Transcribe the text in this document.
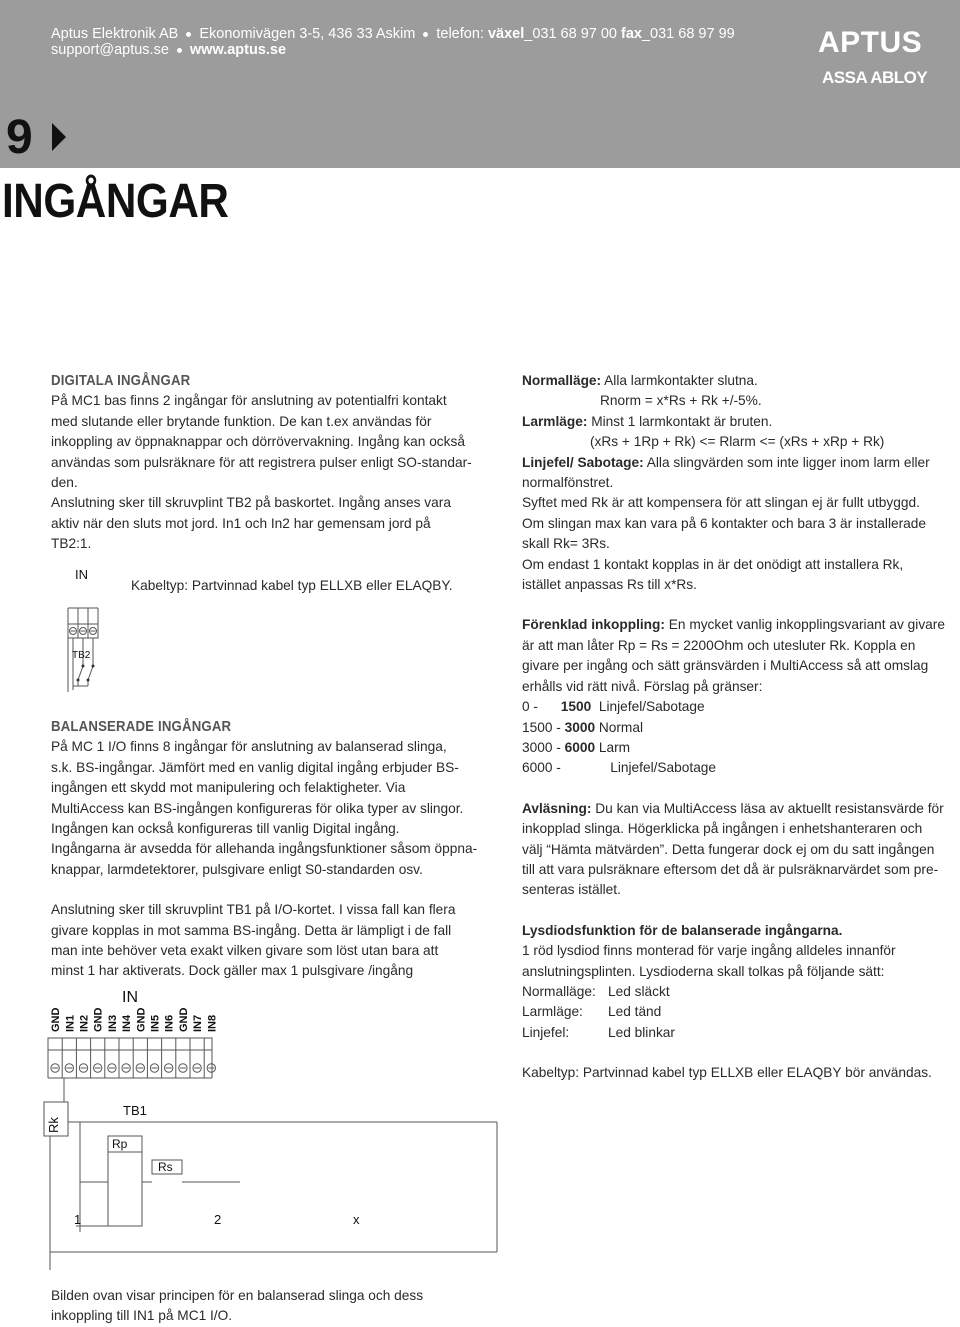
Aptus Elektronik AB Ekonomivägen 3-5, 436 33 Askim telefon: växel_031 68 97 00 fax_031 68 97 99
support@aptus.se www.aptus.se	APTUS
ASSA ABLOY
9
INGÅNGAR
DIGITALA INGÅNGAR

På MC1 bas finns 2 ingångar för anslutning av potentialfri kontakt

med slutande eller brytande funktion. De kan t.ex användas för

inkoppling av öppnaknappar och dörrövervakning. Ingång kan också

användas som pulsräknare för att registrera pulser enligt SO-standar-

den.

Anslutning sker till skruvplint TB2 på baskortet. Ingång anses vara

aktiv när den sluts mot jord. In1 och In2 har gemensam jord på

TB2:1.

IN
TB2
Kabeltyp: Partvinnad kabel typ ELLXB eller ELAQBY.
BALANSERADE INGÅNGAR

På MC 1 I/O finns 8 ingångar för anslutning av balanserad slinga,

s.k. BS-ingångar. Jämfört med en vanlig digital ingång erbjuder BS-

ingången ett skydd mot manipulering och felaktigheter. Via

MultiAccess kan BS-ingången konfigureras för olika typer av slingor.

Ingången kan också konfigureras till vanlig Digital ingång.

Ingångarna är avsedda för allehanda ingångsfunktioner såsom öppna-

knappar, larmdetektorer, pulsgivare enligt S0-standarden osv.

Anslutning sker till skruvplint TB1 på I/O-kortet. I vissa fall kan flera

givare kopplas in mot samma BS-ingång. Detta är lämpligt i de fall

man inte behöver veta exakt vilken givare som löst utan bara att

minst 1 har aktiverats. Dock gäller max 1 pulsgivare /ingång

IN
GND IN1 IN2 GND IN3 IN4 GND IN5 IN6 GND IN7 IN8
Rk
TB1
Rp
Rs
1	2	x

Bilden ovan visar principen för en balanserad slinga och dess

inkoppling till IN1 på MC1 I/O.

Normalläge: Alla larmkontakter slutna.

Rnorm = x*Rs + Rk +/-5%.

Larmläge: Minst 1 larmkontakt är bruten.

(xRs + 1Rp + Rk) <= Rlarm <= (xRs + xRp + Rk)

Linjefel/ Sabotage: Alla slingvärden som inte ligger inom larm eller

normalfönstret.

Syftet med Rk är att kompensera för att slingan ej är fullt utbyggd.

Om slingan max kan vara på 6 kontakter och bara 3 är installerade

skall Rk= 3Rs.

Om endast 1 kontakt kopplas in är det onödigt att installera Rk,

istället anpassas Rs till x*Rs.

Förenklad inkoppling: En mycket vanlig inkopplingsvariant av givare

är att man låter Rp = Rs = 2200Ohm och utesluter Rk. Koppla en

givare per ingång och sätt gränsvärden i MultiAccess så att omslag

erhålls vid rätt nivå. Förslag på gränser:

0 -      1500  Linjefel/Sabotage

1500 - 3000 Normal

3000 - 6000 Larm

6000 -             Linjefel/Sabotage

Avläsning: Du kan via MultiAccess läsa av aktuellt resistansvärde för

inkopplad slinga. Högerklicka på ingången i enhetshanteraren och

välj “Hämta mätvärden”. Detta fungerar dock ej om du satt ingången

till att vara pulsräknare eftersom det då är pulsräknarvärdet som pre-

senteras istället.

Lysdiodsfunktion för de balanserade ingångarna.

1 röd lysdiod finns monterad för varje ingång alldeles innanför

anslutningsplinten. Lysdioderna skall tolkas på följande sätt:

Normalläge: Led släckt

Larmläge: Led tänd

Linjefel:	Led blinkar

Kabeltyp: Partvinnad kabel typ ELLXB eller ELAQBY bör användas.
